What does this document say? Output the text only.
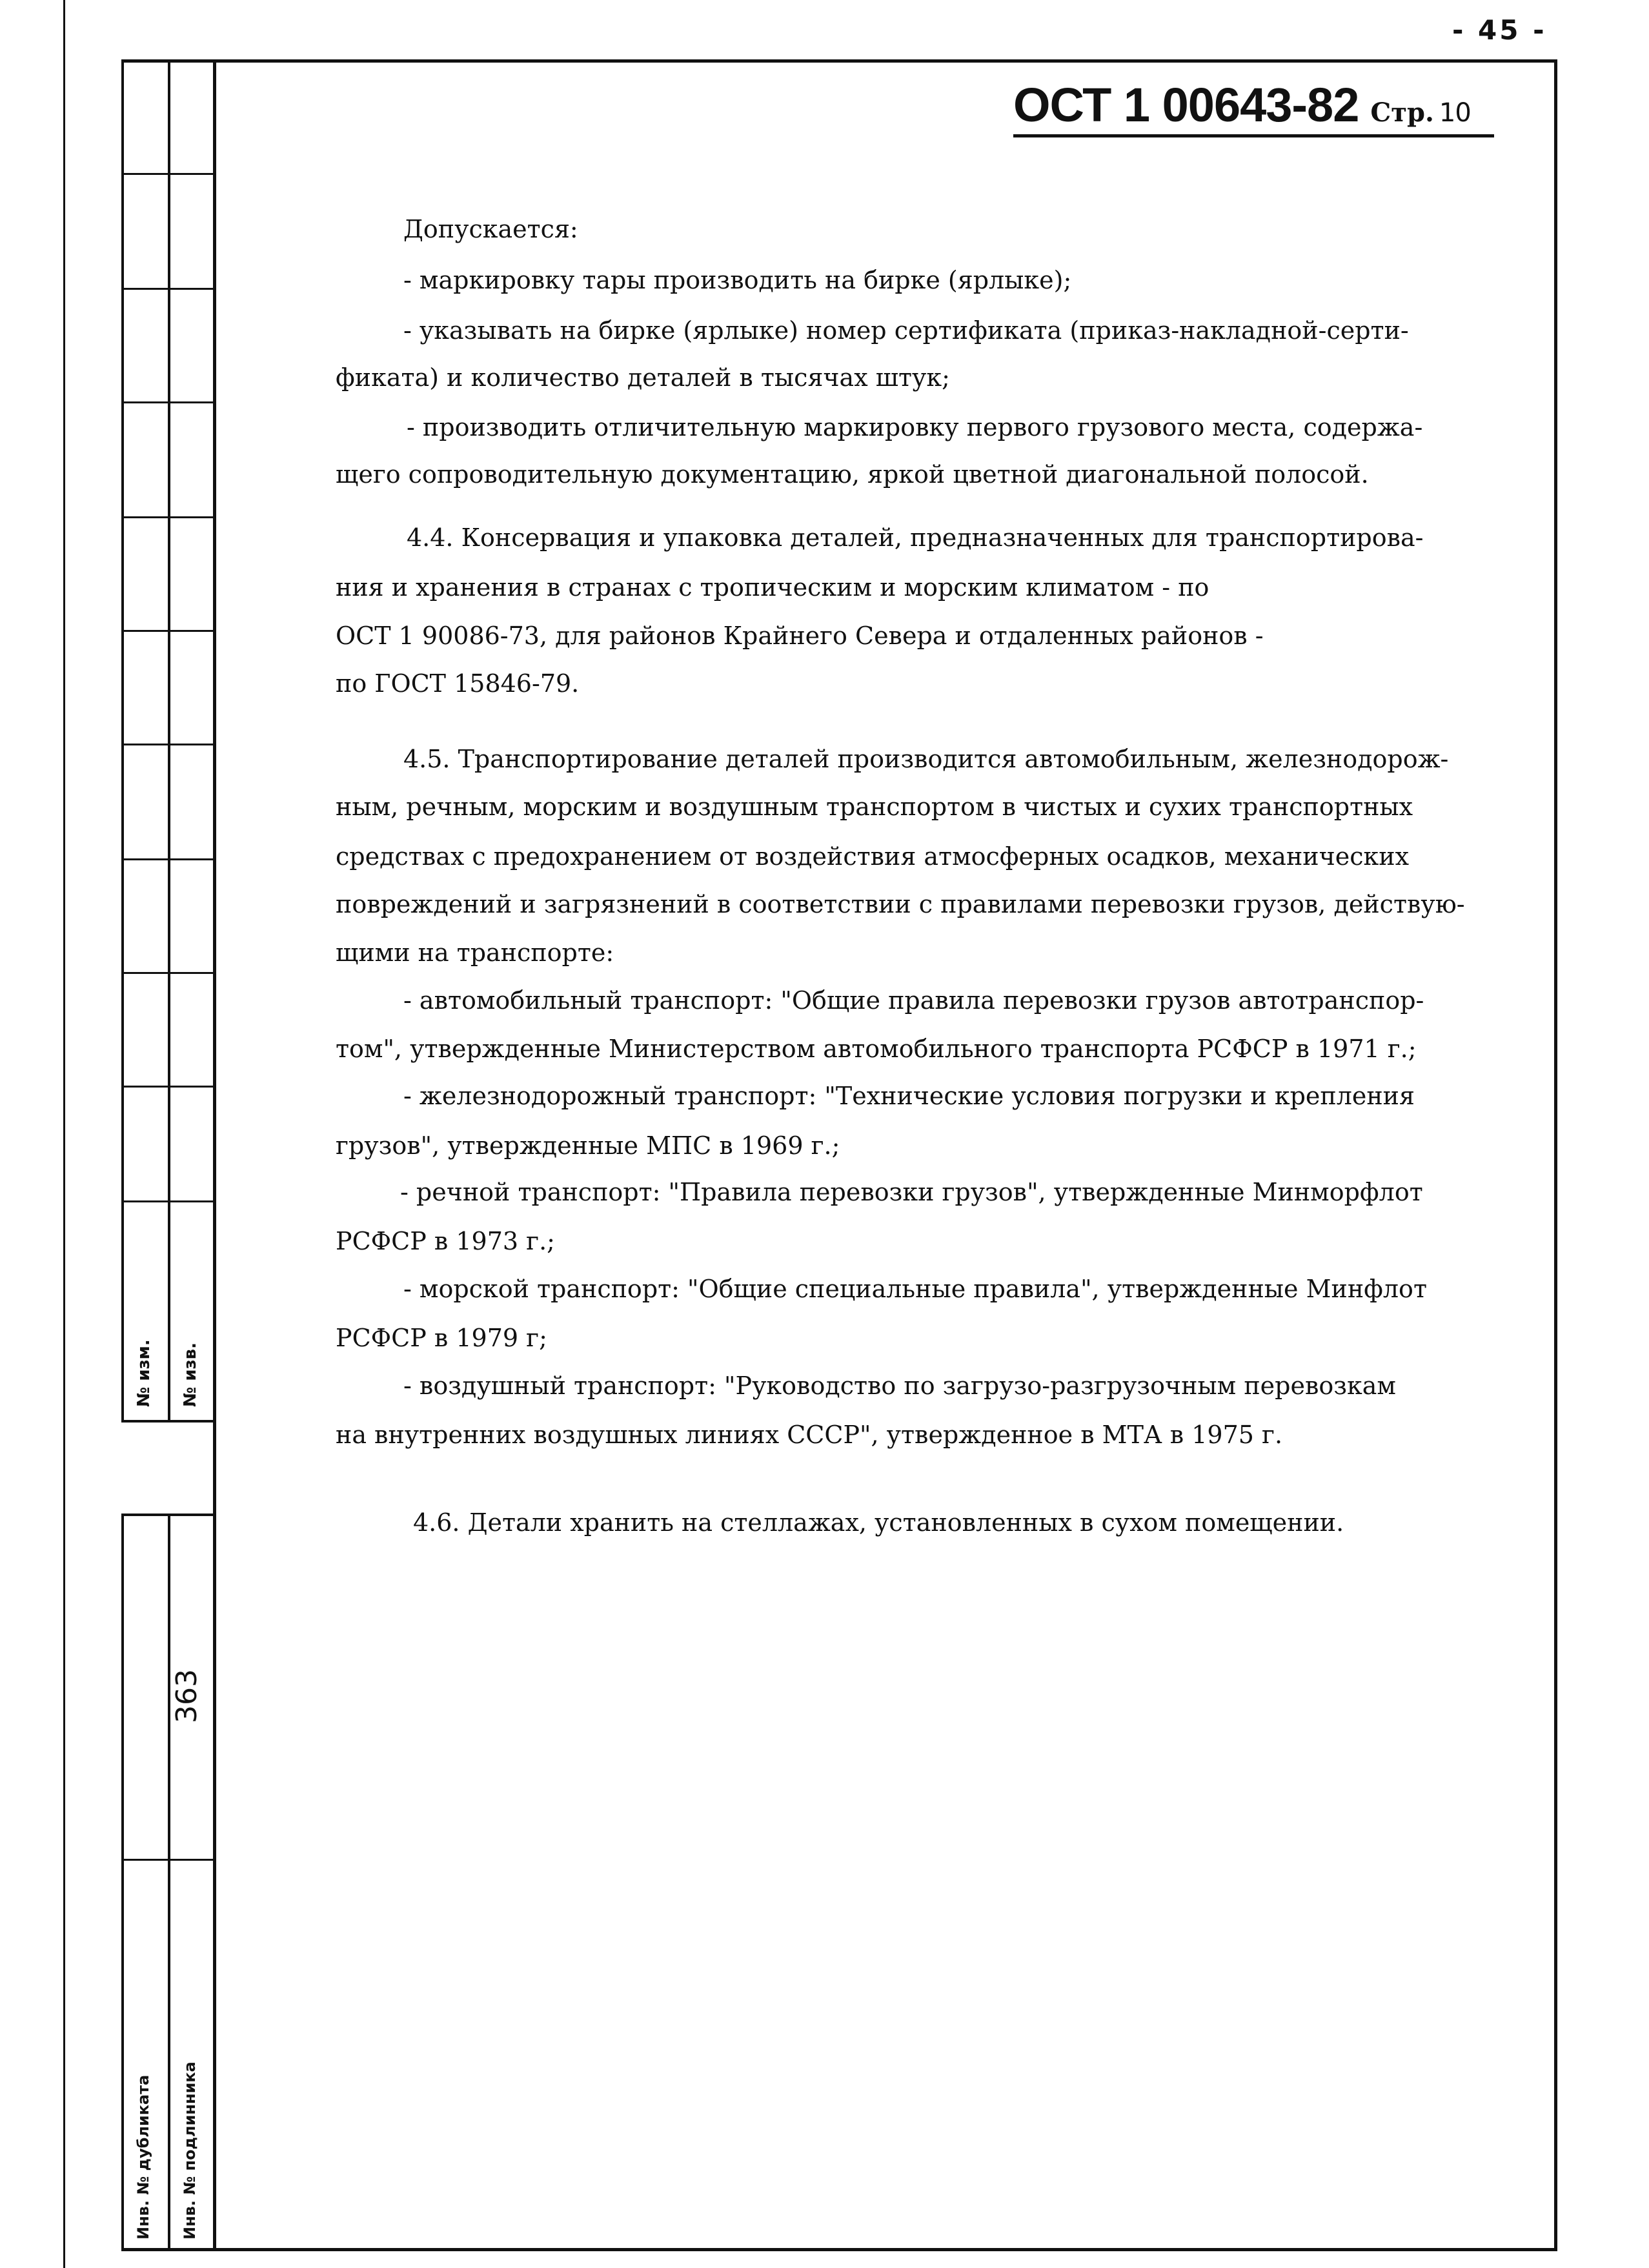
- 45 -
№ изм. № изв.
363
Инв. № дубликата Инв. № подлинника
ОСТ 1 00643-82 Стр. 10
Допускается:
- маркировку тары производить на бирке (ярлыке);
- указывать на бирке (ярлыке) номер сертификата (приказ-накладной-серти-
фиката) и количество деталей в тысячах штук;
- производить отличительную маркировку первого грузового места, содержа-
щего сопроводительную документацию, яркой цветной диагональной полосой.
4.4. Консервация и упаковка деталей, предназначенных для транспортирова-
ния и хранения в странах с тропическим и морским климатом - по
ОСТ 1 90086-73, для районов Крайнего Севера и отдаленных районов -
по ГОСТ 15846-79.
4.5. Транспортирование деталей производится автомобильным, железнодорож-
ным, речным, морским и воздушным транспортом в чистых и сухих транспортных
средствах с предохранением от воздействия атмосферных осадков, механических
повреждений и загрязнений в соответствии с правилами перевозки грузов, действую-
щими на транспорте:
- автомобильный транспорт: "Общие правила перевозки грузов автотранспор-
том", утвержденные Министерством автомобильного транспорта РСФСР в 1971 г.;
- железнодорожный транспорт: "Технические условия погрузки и крепления
грузов", утвержденные МПС в 1969 г.;
- речной транспорт: "Правила перевозки грузов", утвержденные Минморфлот
РСФСР в 1973 г.;
- морской транспорт: "Общие специальные правила", утвержденные Минфлот
РСФСР в 1979 г;
- воздушный транспорт: "Руководство по загрузо-разгрузочным перевозкам
на внутренних воздушных линиях СССР", утвержденное в МТА в 1975 г.
4.6. Детали хранить на стеллажах, установленных в сухом помещении.
